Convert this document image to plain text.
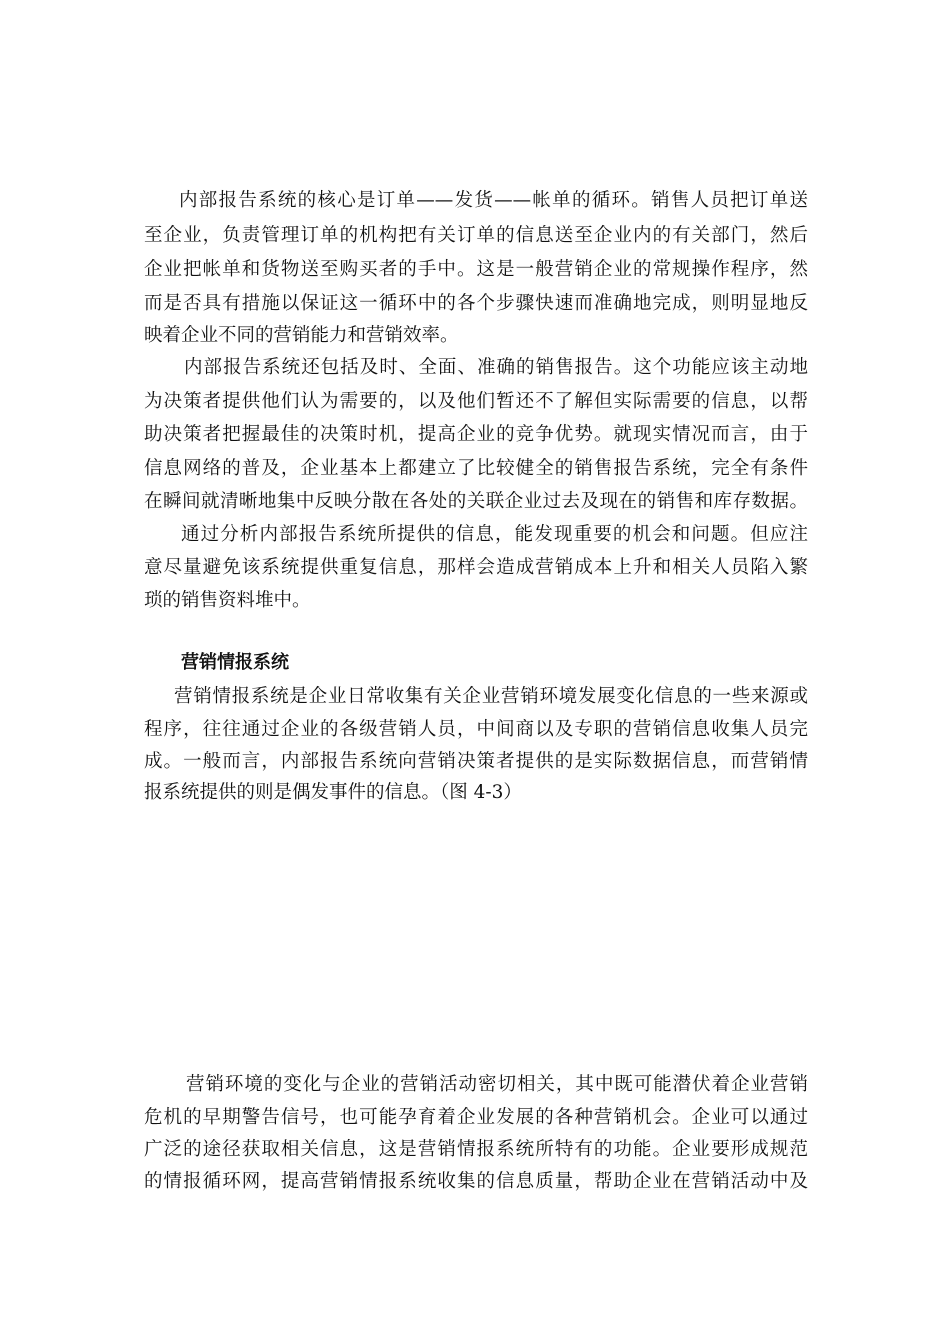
内部报告系统的核心是订单——发货——帐单的循环。销售人员把订单送
至企业，负责管理订单的机构把有关订单的信息送至企业内的有关部门，然后
企业把帐单和货物送至购买者的手中。这是一般营销企业的常规操作程序，然
而是否具有措施以保证这一循环中的各个步骤快速而准确地完成，则明显地反
映着企业不同的营销能力和营销效率。
内部报告系统还包括及时、全面、准确的销售报告。这个功能应该主动地
为决策者提供他们认为需要的，以及他们暂还不了解但实际需要的信息，以帮
助决策者把握最佳的决策时机，提高企业的竞争优势。就现实情况而言，由于
信息网络的普及，企业基本上都建立了比较健全的销售报告系统，完全有条件
在瞬间就清晰地集中反映分散在各处的关联企业过去及现在的销售和库存数据。
通过分析内部报告系统所提供的信息，能发现重要的机会和问题。但应注
意尽量避免该系统提供重复信息，那样会造成营销成本上升和相关人员陷入繁
琐的销售资料堆中。
营销情报系统
营销情报系统是企业日常收集有关企业营销环境发展变化信息的一些来源或
程序，往往通过企业的各级营销人员，中间商以及专职的营销信息收集人员完
成。一般而言，内部报告系统向营销决策者提供的是实际数据信息，而营销情
报系统提供的则是偶发事件的信息。（图 4-3）
营销环境的变化与企业的营销活动密切相关，其中既可能潜伏着企业营销
危机的早期警告信号，也可能孕育着企业发展的各种营销机会。企业可以通过
广泛的途径获取相关信息，这是营销情报系统所特有的功能。企业要形成规范
的情报循环网，提高营销情报系统收集的信息质量，帮助企业在营销活动中及
